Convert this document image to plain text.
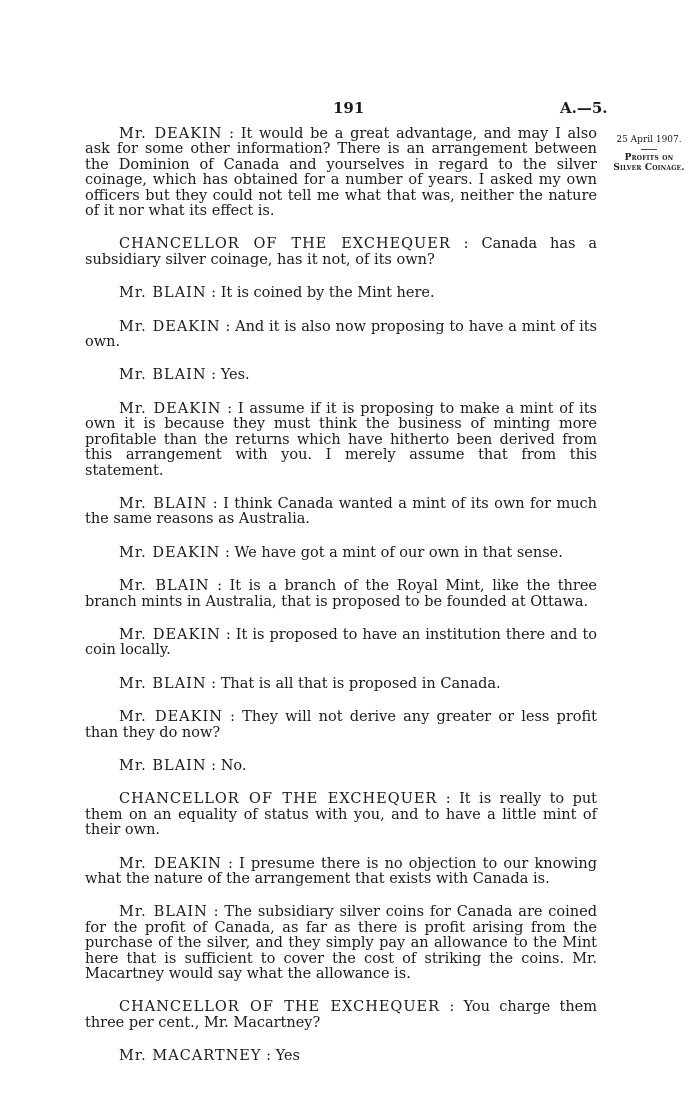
191	A.—5.
25 April 1907.
Profits on
Silver Coinage.

Mr. DEAKIN : It would be a great advantage, and may I also ask for some other information? There is an arrangement between the Dominion of Canada and yourselves in regard to the silver coinage, which has obtained for a number of years. I asked my own officers but they could not tell me what that was, neither the nature of it nor what its effect is.

CHANCELLOR OF THE EXCHEQUER : Canada has a subsidiary silver coinage, has it not, of its own?

Mr. BLAIN : It is coined by the Mint here.

Mr. DEAKIN : And it is also now proposing to have a mint of its own.

Mr. BLAIN : Yes.

Mr. DEAKIN : I assume if it is proposing to make a mint of its own it is because they must think the business of minting more profitable than the returns which have hitherto been derived from this arrangement with you. I merely assume that from this statement.

Mr. BLAIN : I think Canada wanted a mint of its own for much the same reasons as Australia.

Mr. DEAKIN : We have got a mint of our own in that sense.

Mr. BLAIN : It is a branch of the Royal Mint, like the three branch mints in Australia, that is proposed to be founded at Ottawa.

Mr. DEAKIN : It is proposed to have an institution there and to coin locally.

Mr. BLAIN : That is all that is proposed in Canada.

Mr. DEAKIN : They will not derive any greater or less profit than they do now?

Mr. BLAIN : No.

CHANCELLOR OF THE EXCHEQUER : It is really to put them on an equality of status with you, and to have a little mint of their own.

Mr. DEAKIN : I presume there is no objection to our knowing what the nature of the arrangement that exists with Canada is.

Mr. BLAIN : The subsidiary silver coins for Canada are coined for the profit of Canada, as far as there is profit arising from the purchase of the silver, and they simply pay an allowance to the Mint here that is sufficient to cover the cost of striking the coins. Mr. Macartney would say what the allowance is.

CHANCELLOR OF THE EXCHEQUER : You charge them three per cent., Mr. Macartney?

Mr. MACARTNEY : Yes
